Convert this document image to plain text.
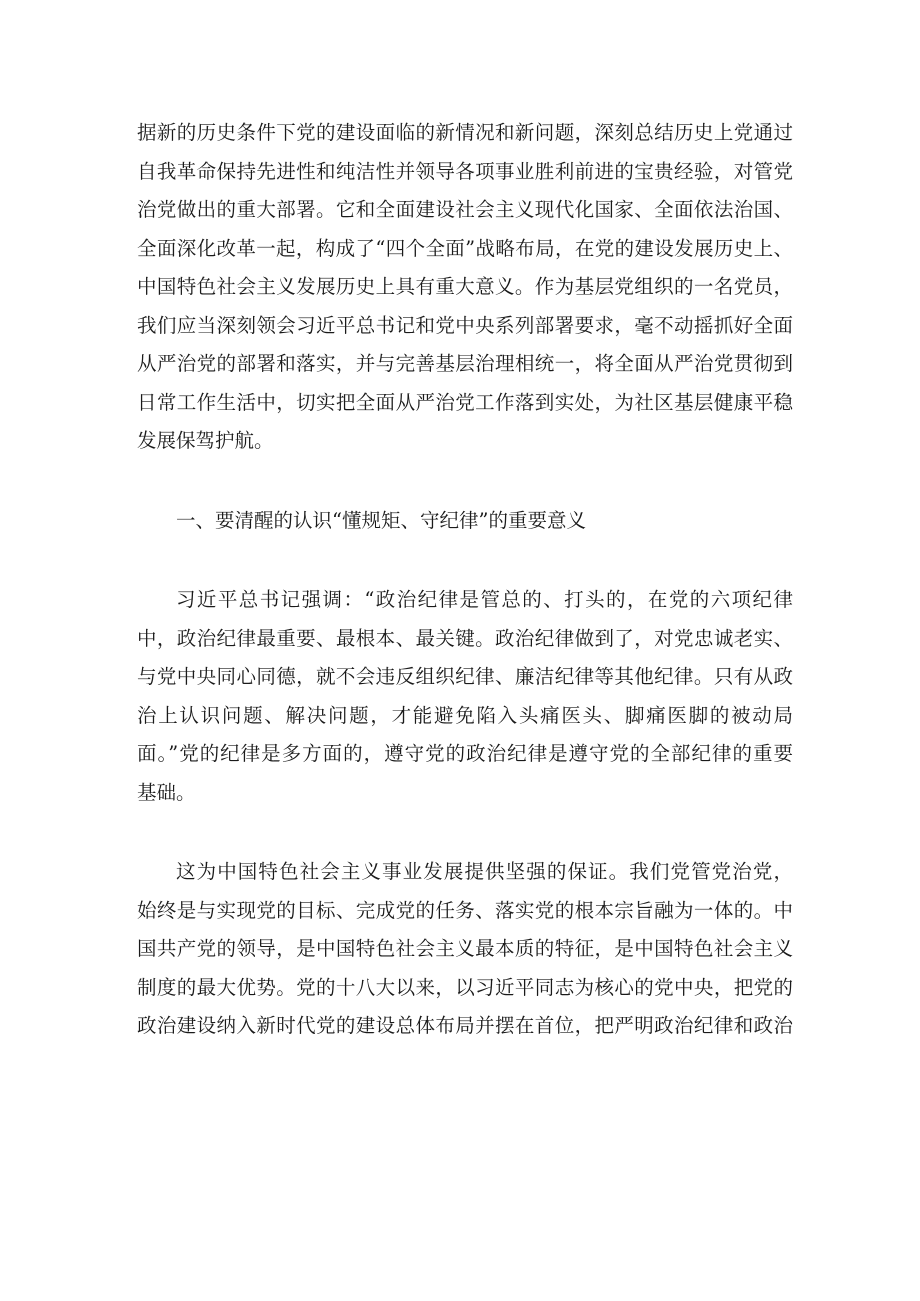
据新的历史条件下党的建设面临的新情况和新问题，深刻总结历史上党通过
自我革命保持先进性和纯洁性并领导各项事业胜利前进的宝贵经验，对管党
治党做出的重大部署。它和全面建设社会主义现代化国家、全面依法治国、
全面深化改革一起，构成了“四个全面”战略布局，在党的建设发展历史上、
中国特色社会主义发展历史上具有重大意义。作为基层党组织的一名党员，
我们应当深刻领会习近平总书记和党中央系列部署要求，毫不动摇抓好全面
从严治党的部署和落实，并与完善基层治理相统一，将全面从严治党贯彻到
日常工作生活中，切实把全面从严治党工作落到实处，为社区基层健康平稳
发展保驾护航。
一、要清醒的认识“懂规矩、守纪律”的重要意义
习近平总书记强调：“政治纪律是管总的、打头的，在党的六项纪律
中，政治纪律最重要、最根本、最关键。政治纪律做到了，对党忠诚老实、
与党中央同心同德，就不会违反组织纪律、廉洁纪律等其他纪律。只有从政
治上认识问题、解决问题，才能避免陷入头痛医头、脚痛医脚的被动局
面。”党的纪律是多方面的，遵守党的政治纪律是遵守党的全部纪律的重要
基础。
这为中国特色社会主义事业发展提供坚强的保证。我们党管党治党，
始终是与实现党的目标、完成党的任务、落实党的根本宗旨融为一体的。中
国共产党的领导，是中国特色社会主义最本质的特征，是中国特色社会主义
制度的最大优势。党的十八大以来，以习近平同志为核心的党中央，把党的
政治建设纳入新时代党的建设总体布局并摆在首位，把严明政治纪律和政治
